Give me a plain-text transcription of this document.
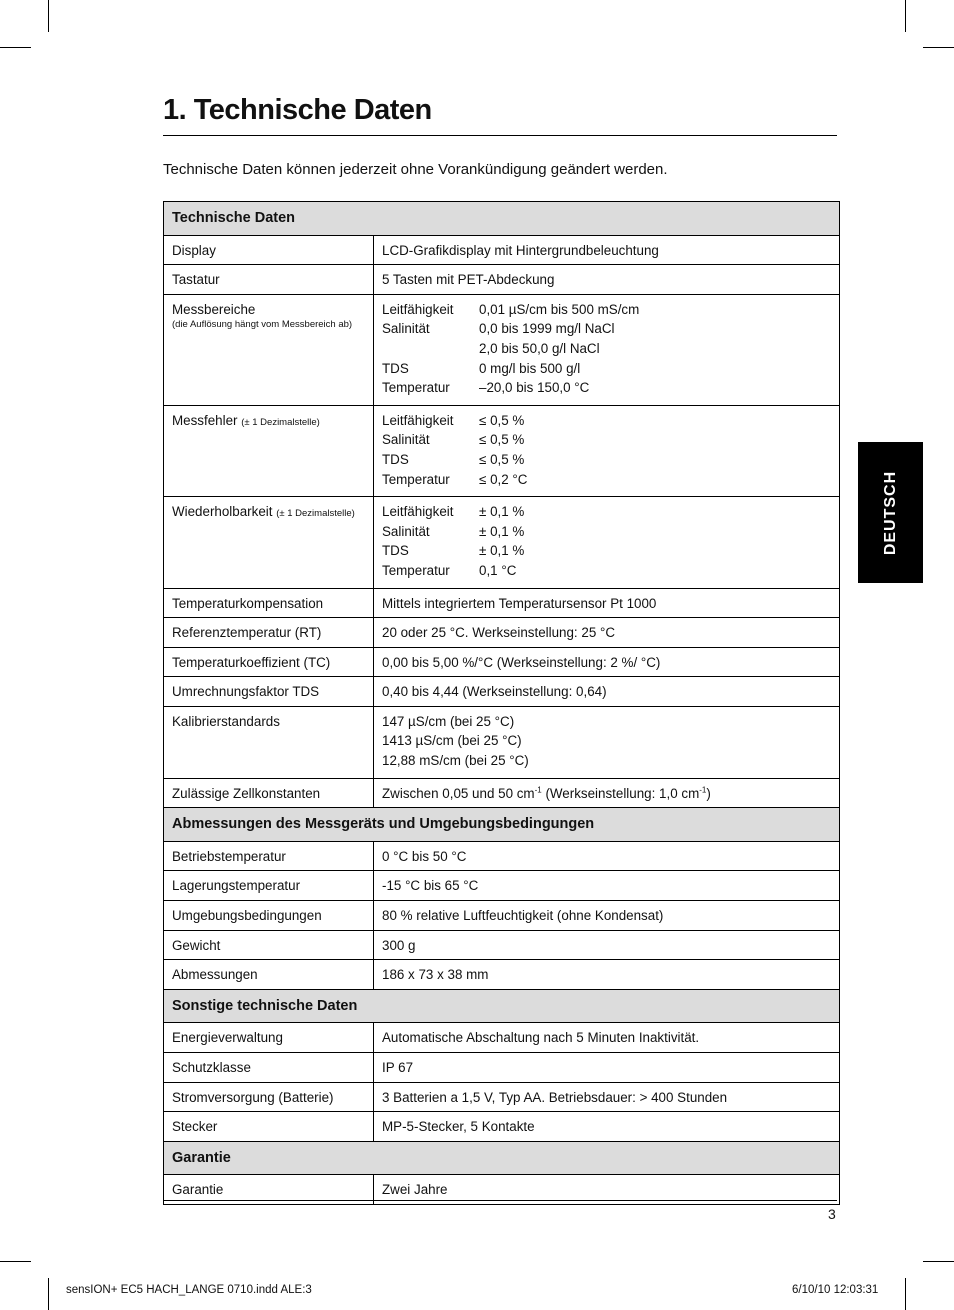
1. Technische Daten
Technische Daten können jederzeit ohne Vorankündigung geändert werden.
DEUTSCH
Technische Daten	
Display	LCD-Grafikdisplay mit Hintergrundbeleuchtung
Tastatur	5 Tasten mit PET-Abdeckung

Messbereiche
(die Auflösung hängt vom Messbereich ab)	Leitfähigkeit 0,01 µS/cm bis 500 mS/cm
Salinität 0,0 bis 1999 mg/l NaCl
2,0 bis 50,0 g/l NaCl
TDS 0 mg/l bis 500 g/l
Temperatur –20,0 bis 150,0 °C

Messfehler (± 1 Dezimalstelle)	Leitfähigkeit ≤ 0,5 %
Salinität ≤ 0,5 %
TDS ≤ 0,5 %
Temperatur ≤ 0,2 °C

Wiederholbarkeit (± 1 Dezimalstelle)	Leitfähigkeit ± 0,1 %
Salinität ± 0,1 %
TDS ± 0,1 %
Temperatur 0,1 °C

Temperaturkompensation	Mittels integriertem Temperatursensor Pt 1000
Referenztemperatur (RT)	20 oder 25 °C. Werkseinstellung: 25 °C
Temperaturkoeffizient (TC)	0,00 bis 5,00 %/°C (Werkseinstellung: 2 %/ °C)
Umrechnungsfaktor TDS	0,40 bis 4,44 (Werkseinstellung: 0,64)
Kalibrierstandards	147 µS/cm (bei 25 °C)
1413 µS/cm (bei 25 °C)
12,88 mS/cm (bei 25 °C)

Zulässige Zellkonstanten	Zwischen 0,05 und 50 $cm^{-1}$ (Werkseinstellung: 1,0 $cm^{-1}$)
Abmessungen des Messgeräts und Umgebungsbedingungen	
Betriebstemperatur	0 °C bis 50 °C
Lagerungstemperatur	-15 °C bis 65 °C
Umgebungsbedingungen	80 % relative Luftfeuchtigkeit (ohne Kondensat)
Gewicht	300 g
Abmessungen	186 x 73 x 38 mm
Sonstige technische Daten	
Energieverwaltung	Automatische Abschaltung nach 5 Minuten Inaktivität.
Schutzklasse	IP 67
Stromversorgung (Batterie)	3 Batterien a 1,5 V, Typ AA. Betriebsdauer: > 400 Stunden
Stecker	MP-5-Stecker, 5 Kontakte
Garantie	
Garantie	Zwei Jahre
3
sensION+ EC5 HACH_LANGE 0710.indd ALE:3	6/10/10 12:03:31
